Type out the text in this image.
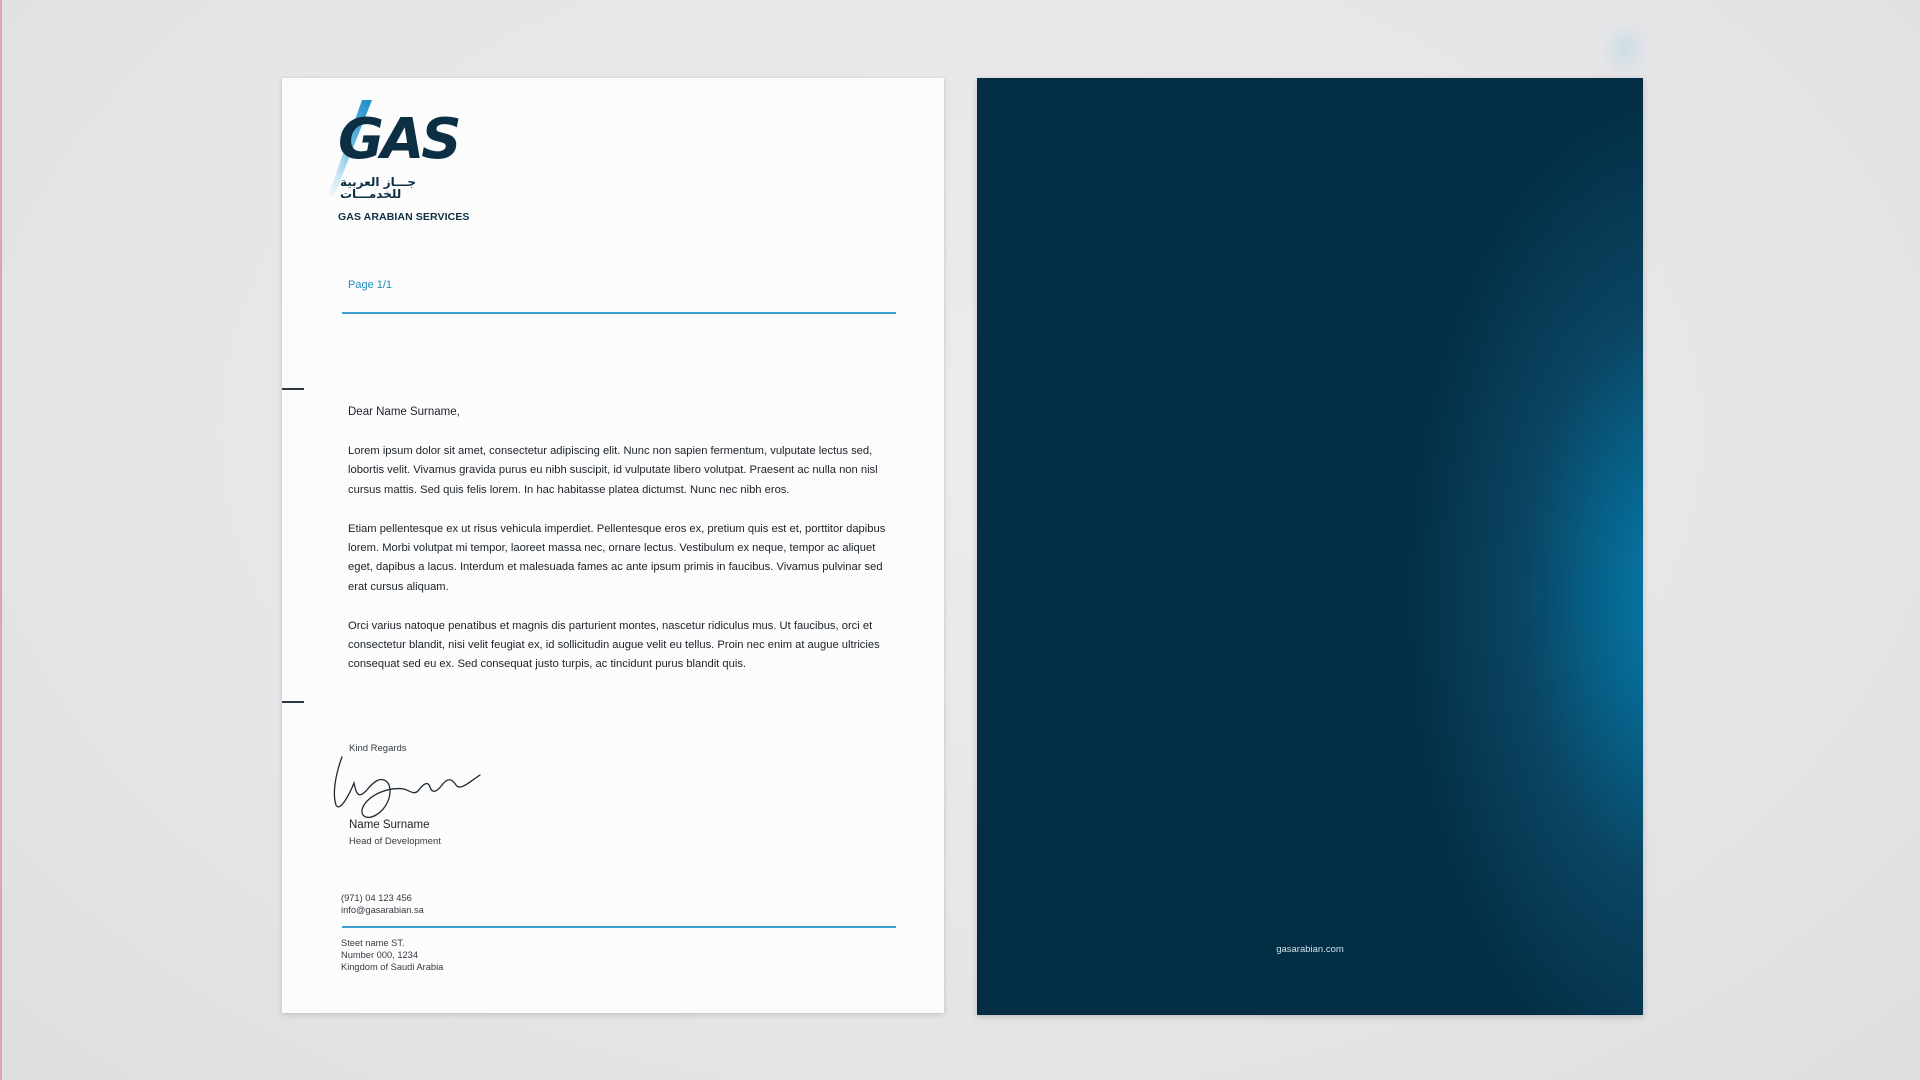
GAS
جـــاز العربية للخدمـــات
GAS ARABIAN SERVICES
Page 1/1
Dear Name Surname,

Lorem ipsum dolor sit amet, consectetur adipiscing elit. Nunc non sapien fermentum, vulputate lectus sed, lobortis velit. Vivamus gravida purus eu nibh suscipit, id vulputate libero volutpat. Praesent ac nulla non nisl cursus mattis. Sed quis felis lorem. In hac habitasse platea dictumst. Nunc nec nibh eros.

Etiam pellentesque ex ut risus vehicula imperdiet. Pellentesque eros ex, pretium quis est et, porttitor dapibus lorem. Morbi volutpat mi tempor, laoreet massa nec, ornare lectus. Vestibulum ex neque, tempor ac aliquet eget, dapibus a lacus. Interdum et malesuada fames ac ante ipsum primis in faucibus. Vivamus pulvinar sed erat cursus aliquam.

Orci varius natoque penatibus et magnis dis parturient montes, nascetur ridiculus mus. Ut faucibus, orci et consectetur blandit, nisi velit feugiat ex, id sollicitudin augue velit eu tellus. Proin nec enim at augue ultricies consequat sed eu ex. Sed consequat justo turpis, ac tincidunt purus blandit quis.

Kind Regards
Name Surname
Head of Development
(971) 04 123 456
info@gasarabian.sa
Steet name ST.
Number 000, 1234
Kingdom of Saudi Arabia
gasarabian.com
